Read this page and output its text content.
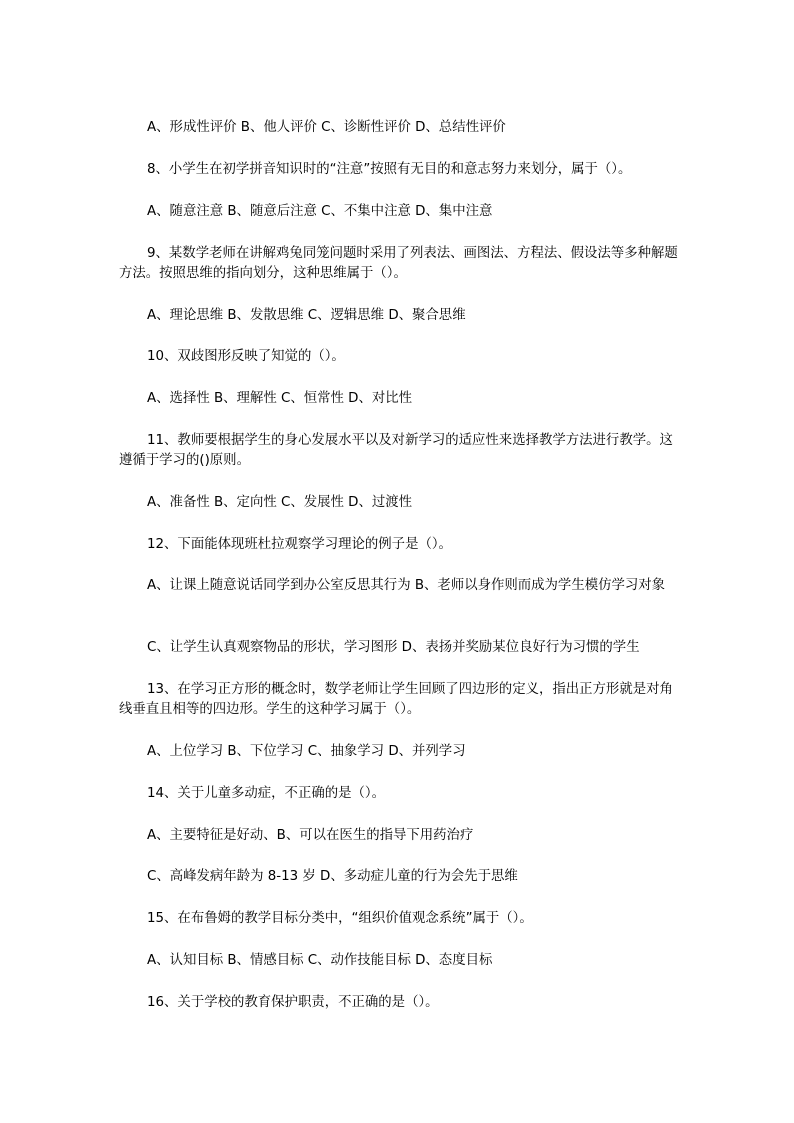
A、形成性评价 B、他人评价 C、诊断性评价 D、总结性评价

8、小学生在初学拼音知识时的“注意”按照有无目的和意志努力来划分，属于（）。

A、随意注意 B、随意后注意 C、不集中注意 D、集中注意

9、某数学老师在讲解鸡兔同笼问题时采用了列表法、画图法、方程法、假设法等多种解题方法。按照思维的指向划分，这种思维属于（）。

A、理论思维 B、发散思维 C、逻辑思维 D、聚合思维

10、双歧图形反映了知觉的（）。

A、选择性 B、理解性 C、恒常性 D、对比性

11、教师要根据学生的身心发展水平以及对新学习的适应性来选择教学方法进行教学。这遵循于学习的()原则。

A、准备性 B、定向性 C、发展性 D、过渡性

12、下面能体现班杜拉观察学习理论的例子是（）。

A、让课上随意说话同学到办公室反思其行为 B、老师以身作则而成为学生模仿学习对象

C、让学生认真观察物品的形状，学习图形 D、表扬并奖励某位良好行为习惯的学生

13、在学习正方形的概念时，数学老师让学生回顾了四边形的定义，指出正方形就是对角线垂直且相等的四边形。学生的这种学习属于（）。

A、上位学习 B、下位学习 C、抽象学习 D、并列学习

14、关于儿童多动症，不正确的是（）。

A、主要特征是好动、B、可以在医生的指导下用药治疗

C、高峰发病年龄为 8-13 岁 D、多动症儿童的行为会先于思维

15、在布鲁姆的教学目标分类中，“组织价值观念系统”属于（）。

A、认知目标 B、情感目标 C、动作技能目标 D、态度目标

16、关于学校的教育保护职责，不正确的是（）。
